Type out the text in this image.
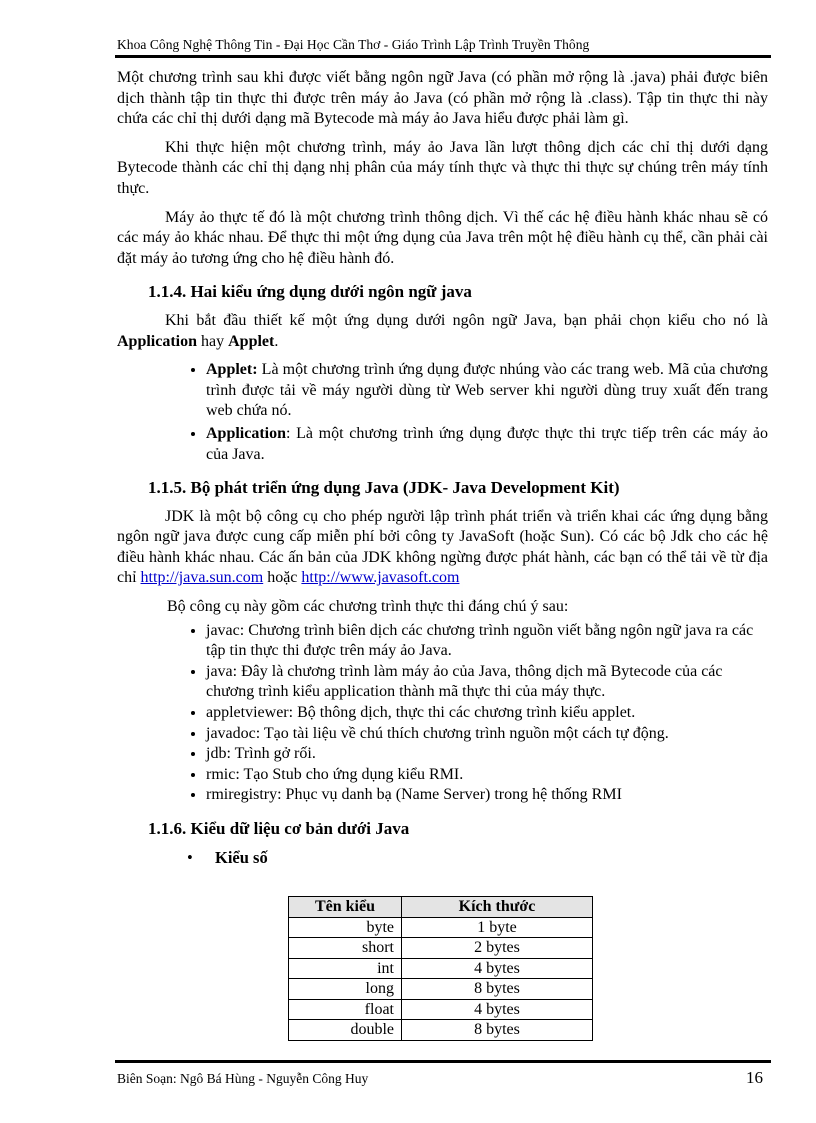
Khoa Công Nghệ Thông Tin - Đại Học Cần Thơ - Giáo Trình Lập Trình Truyền Thông

Một chương trình sau khi được viết bằng ngôn ngữ Java (có phần mở rộng là .java) phải được biên dịch thành tập tin thực thi được trên máy ảo Java (có phần mở rộng là .class). Tập tin thực thi này chứa các chỉ thị dưới dạng mã Bytecode mà máy ảo Java hiểu được phải làm gì.

Khi thực hiện một chương trình, máy ảo Java lần lượt thông dịch các chỉ thị dưới dạng Bytecode thành các chỉ thị dạng nhị phân của máy tính thực và thực thi thực sự chúng trên máy tính thực.

Máy ảo thực tế đó là một chương trình thông dịch. Vì thế các hệ điều hành khác nhau sẽ có các máy ảo khác nhau. Để thực thi một ứng dụng của Java trên một hệ điều hành cụ thể, cần phải cài đặt máy ảo tương ứng cho hệ điều hành đó.

1.1.4. Hai kiểu ứng dụng dưới ngôn ngữ java

Khi bắt đầu thiết kế một ứng dụng dưới ngôn ngữ Java, bạn phải chọn kiểu cho nó là Application hay Applet.

• Applet: Là một chương trình ứng dụng được nhúng vào các trang web. Mã của chương trình được tải về máy người dùng từ Web server khi người dùng truy xuất đến trang web chứa nó.
• Application: Là một chương trình ứng dụng được thực thi trực tiếp trên các máy ảo của Java.
1.1.5. Bộ phát triển ứng dụng Java (JDK- Java Development Kit)

JDK là một bộ công cụ cho phép người lập trình phát triển và triển khai các ứng dụng bằng ngôn ngữ java được cung cấp miễn phí bởi công ty JavaSoft (hoặc Sun). Có các bộ Jdk cho các hệ điều hành khác nhau. Các ấn bản của JDK không ngừng được phát hành, các bạn có thể tải về từ địa chỉ http://java.sun.com hoặc http://www.javasoft.com

Bộ công cụ này gồm các chương trình thực thi đáng chú ý sau:

• javac: Chương trình biên dịch các chương trình nguồn viết bằng ngôn ngữ java ra các tập tin thực thi được trên máy ảo Java.
• java: Đây là chương trình làm máy ảo của Java, thông dịch mã Bytecode của các chương trình kiểu application thành mã thực thi của máy thực.
• appletviewer: Bộ thông dịch, thực thi các chương trình kiểu applet.
• javadoc: Tạo tài liệu về chú thích chương trình nguồn một cách tự động.
• jdb: Trình gở rối.
• rmic: Tạo Stub cho ứng dụng kiểu RMI.
• rmiregistry: Phục vụ danh bạ (Name Server) trong hệ thống RMI
1.1.6. Kiểu dữ liệu cơ bản dưới Java
• Kiểu số
Tên kiểu	Kích thước
byte	1 byte
short	2 bytes
int	4 bytes
long	8 bytes
float	4 bytes
double	8 bytes
Biên Soạn: Ngô Bá Hùng - Nguyễn Công Huy	16
